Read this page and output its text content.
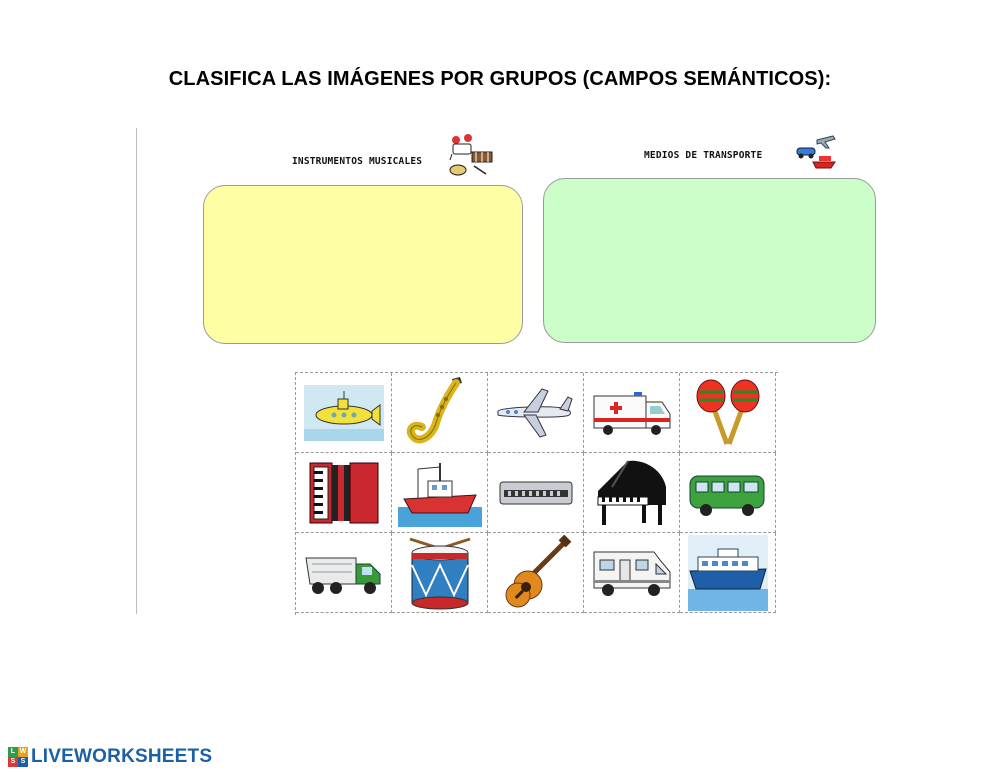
CLASIFICA LAS IMÁGENES POR GRUPOS (CAMPOS SEMÁNTICOS):
INSTRUMENTOS MUSICALES
MEDIOS DE TRANSPORTE
L W
S S LIVEWORKSHEETS
